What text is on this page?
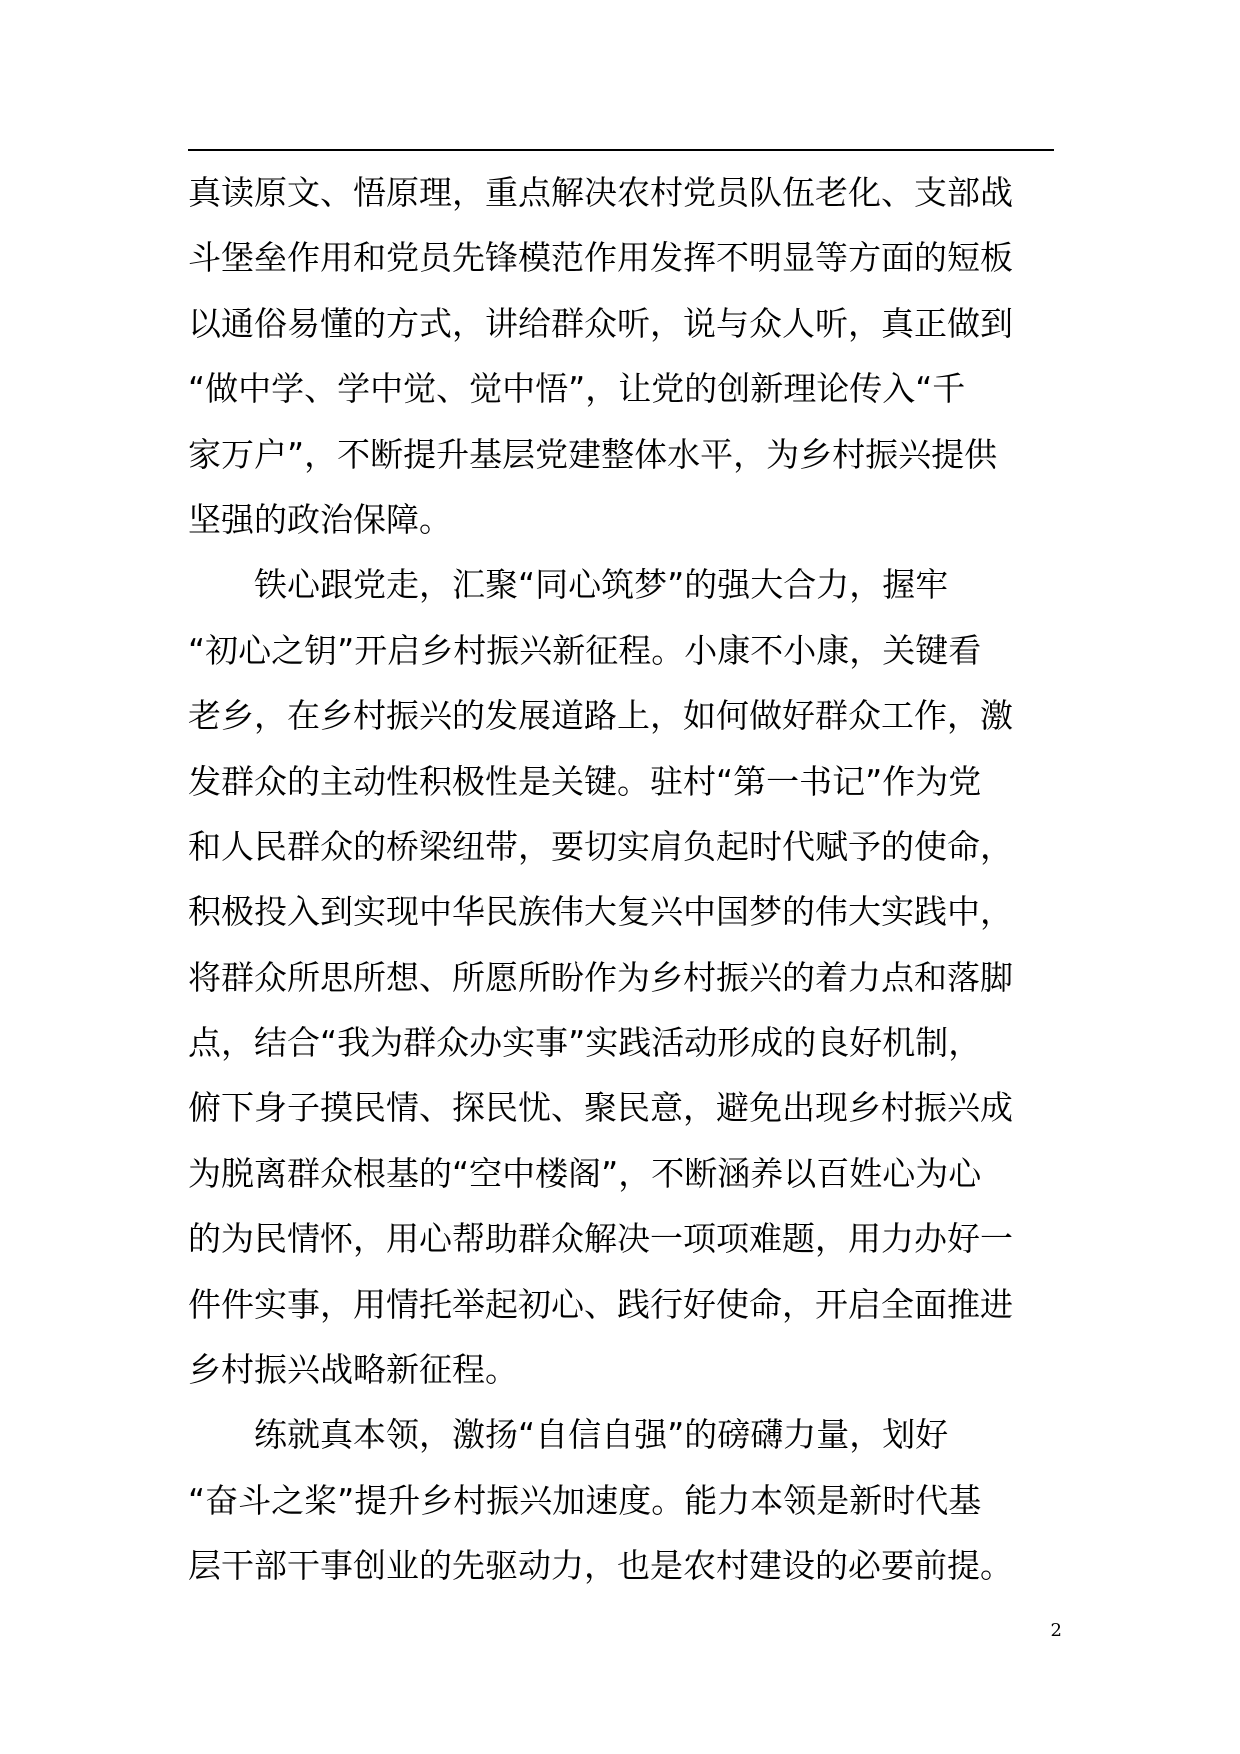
真读原文、悟原理，重点解决农村党员队伍老化、支部战
斗堡垒作用和党员先锋模范作用发挥不明显等方面的短板
以通俗易懂的方式，讲给群众听，说与众人听，真正做到
“做中学、学中觉、觉中悟”，让党的创新理论传入“千
家万户”，不断提升基层党建整体水平，为乡村振兴提供
坚强的政治保障。
铁心跟党走，汇聚“同心筑梦”的强大合力，握牢
“初心之钥”开启乡村振兴新征程。小康不小康，关键看
老乡，在乡村振兴的发展道路上，如何做好群众工作，激
发群众的主动性积极性是关键。驻村“第一书记”作为党
和人民群众的桥梁纽带，要切实肩负起时代赋予的使命，
积极投入到实现中华民族伟大复兴中国梦的伟大实践中，
将群众所思所想、所愿所盼作为乡村振兴的着力点和落脚
点，结合“我为群众办实事”实践活动形成的良好机制，
俯下身子摸民情、探民忧、聚民意，避免出现乡村振兴成
为脱离群众根基的“空中楼阁”，不断涵养以百姓心为心
的为民情怀，用心帮助群众解决一项项难题，用力办好一
件件实事，用情托举起初心、践行好使命，开启全面推进
乡村振兴战略新征程。
练就真本领，激扬“自信自强”的磅礴力量，划好
“奋斗之桨”提升乡村振兴加速度。能力本领是新时代基
层干部干事创业的先驱动力，也是农村建设的必要前提。
2
